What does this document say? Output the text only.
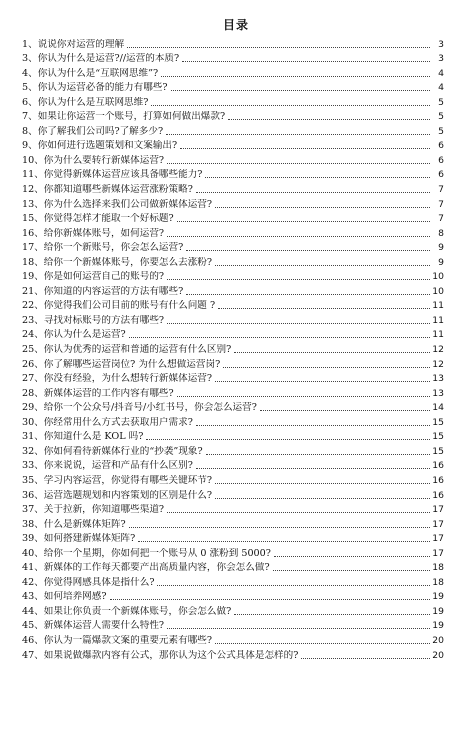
目录
1、说说你对运营的理解	3
3、你认为什么是运营?//运营的本质?	3
4、你认为什么是“互联网思维”?	4
5、你认为运营必备的能力有哪些?	4
6、你认为什么是互联网思维?	5
7、如果让你运营一个账号，打算如何做出爆款?	5
8、你了解我们公司吗?了解多少?	5
9、你如何进行选题策划和文案输出?	6
10、你为什么要转行新媒体运营?	6
11、你觉得新媒体运营应该具备哪些能力?	6
12、你都知道哪些新媒体运营涨粉策略?	7
13、你为什么选择来我们公司做新媒体运营?	7
15、你觉得怎样才能取一个好标题?	7
16、给你新媒体账号，如何运营?	8
17、给你一个新账号，你会怎么运营?	9
18、给你一个新媒体账号，你要怎么去涨粉?	9
19、你是如何运营自己的账号的?	10
21、你知道的内容运营的方法有哪些?	10
22、你觉得我们公司目前的账号有什么问题 ?	11
23、寻找对标账号的方法有哪些?	11
24、你认为什么是运营?	11
25、你认为优秀的运营和普通的运营有什么区别?	12
26、你了解哪些运营岗位? 为什么想做运营岗?	12
27、你没有经验，为什么想转行新媒体运营?	13
28、新媒体运营的工作内容有哪些?	13
29、给你一个公众号/抖音号/小红书号，你会怎么运营?	14
30、你经常用什么方式去获取用户需求?	15
31、你知道什么是 KOL 吗?	15
32、你如何看待新媒体行业的“抄袭”现象?	15
33、你来说说，运营和产品有什么区别?	16
35、学习内容运营，你觉得有哪些关键环节?	16
36、运营选题规划和内容策划的区别是什么?	16
37、关于拉新，你知道哪些渠道?	17
38、什么是新媒体矩阵?	17
39、如何搭建新媒体矩阵?	17
40、给你一个星期，你如何把一个账号从 0 涨粉到 5000?	17
41、新媒体的工作每天都要产出高质量内容，你会怎么做?	18
42、你觉得网感具体是指什么?	18
43、如何培养网感?	19
44、如果让你负责一个新媒体账号，你会怎么做?	19
45、新媒体运营人需要什么特性?	19
46、你认为一篇爆款文案的重要元素有哪些?	20
47、如果说做爆款内容有公式，那你认为这个公式具体是怎样的?	20
